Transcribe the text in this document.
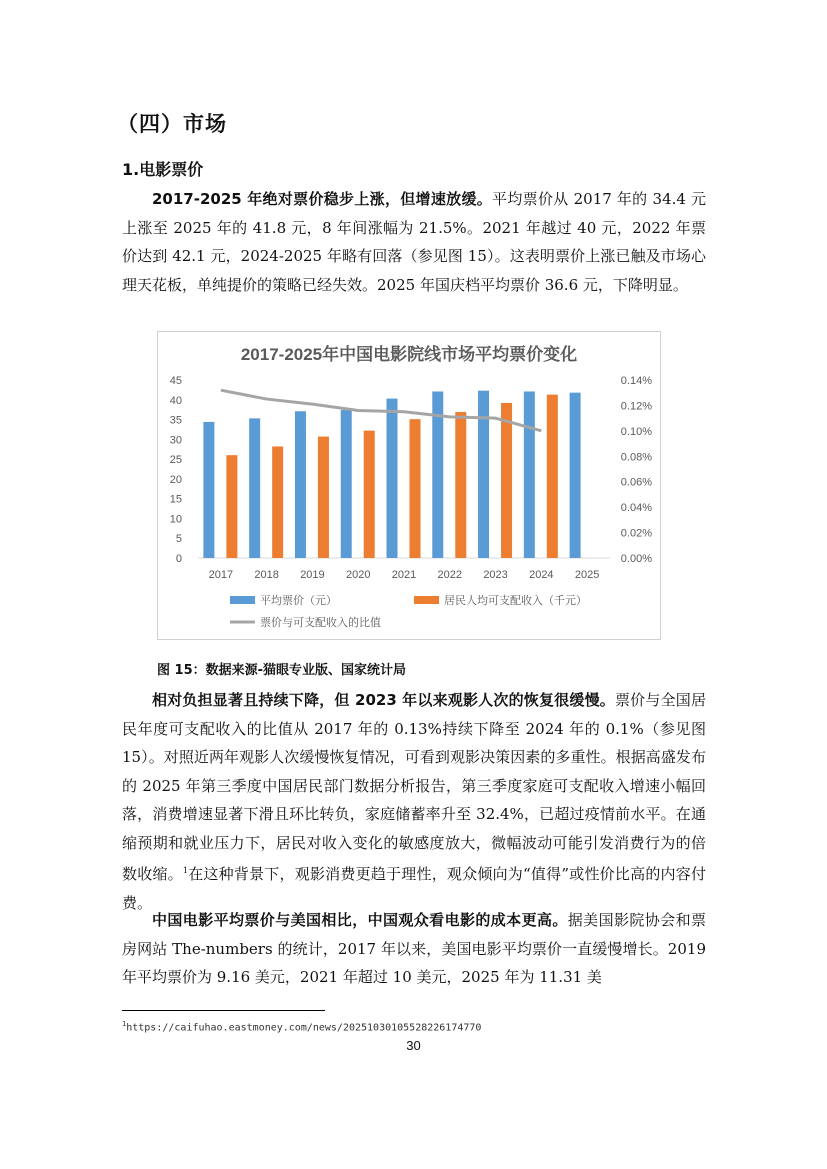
（四）市场
1.电影票价

2017-2025 年绝对票价稳步上涨，但增速放缓。平均票价从 2017 年的 34.4 元上涨至 2025 年的 41.8 元，8 年间涨幅为 21.5%。2021 年越过 40 元，2022 年票价达到 42.1 元，2024-2025 年略有回落（参见图 15）。这表明票价上涨已触及市场心理天花板，单纯提价的策略已经失效。2025 年国庆档平均票价 36.6 元，下降明显。

2017-2025年中国电影院线市场平均票价变化
0
5
10
15
20
25
30
35
40
45
0.00%
0.02%
0.04%
0.06%
0.08%
0.10%
0.12%
0.14%
2017 2018 2019 2020 2021 2022 2023 2024 2025
平均票价（元）	居民人均可支配收入（千元）
票价与可支配收入的比值
图 15：数据来源-猫眼专业版、国家统计局

相对负担显著且持续下降，但 2023 年以来观影人次的恢复很缓慢。票价与全国居民年度可支配收入的比值从 2017 年的 0.13%持续下降至 2024 年的 0.1%（参见图 15）。对照近两年观影人次缓慢恢复情况，可看到观影决策因素的多重性。根据高盛发布的 2025 年第三季度中国居民部门数据分析报告，第三季度家庭可支配收入增速小幅回落，消费增速显著下滑且环比转负，家庭储蓄率升至 32.4%，已超过疫情前水平。在通缩预期和就业压力下，居民对收入变化的敏感度放大，微幅波动可能引发消费行为的倍数收缩。$^1$在这种背景下，观影消费更趋于理性，观众倾向为“值得”或性价比高的内容付费。

中国电影平均票价与美国相比，中国观众看电影的成本更高。据美国影院协会和票房网站 The-numbers 的统计，2017 年以来，美国电影平均票价一直缓慢增长。2019 年平均票价为 9.16 美元，2021 年超过 10 美元，2025 年为 11.31 美

$^1$https://caifuhao.eastmoney.com/news/20251030105528226174770
30
